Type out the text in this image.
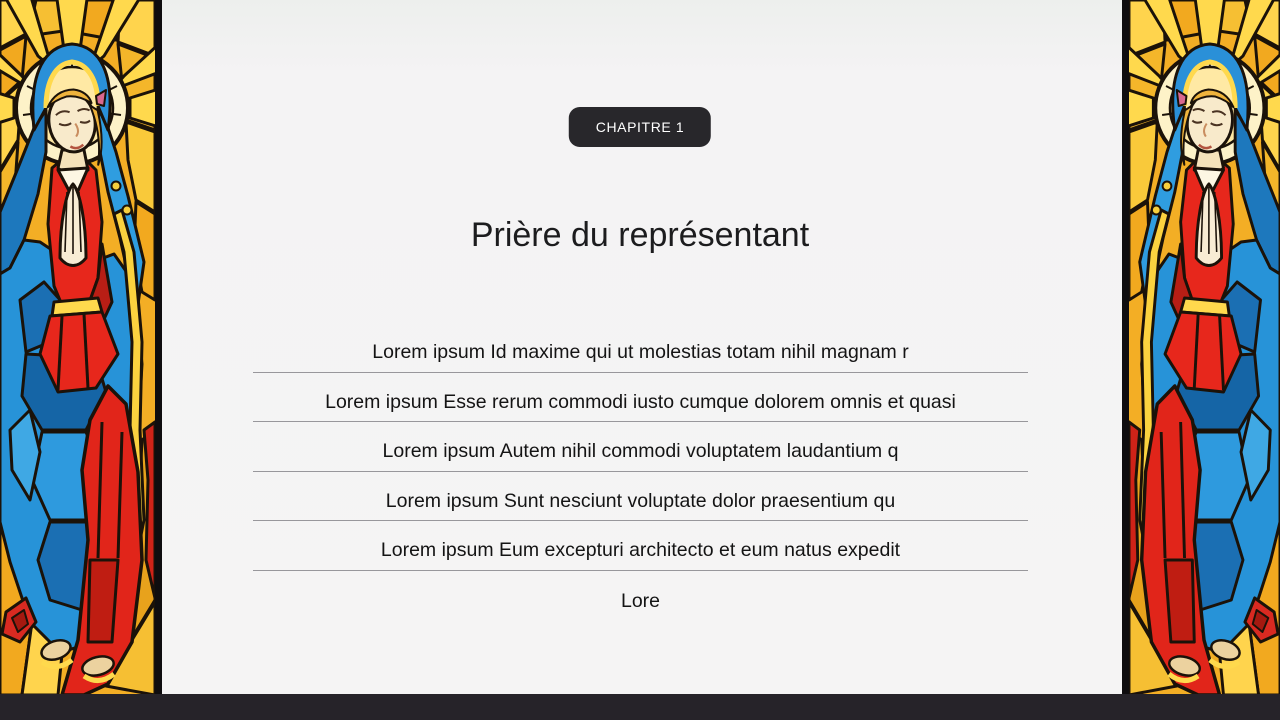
CHAPITRE 1
Prière du représentant
Lorem ipsum Id maxime qui ut molestias totam nihil magnam r
Lorem ipsum Esse rerum commodi iusto cumque dolorem omnis et quasi
Lorem ipsum Autem nihil commodi voluptatem laudantium q
Lorem ipsum Sunt nesciunt voluptate dolor praesentium qu
Lorem ipsum Eum excepturi architecto et eum natus expedit
Lore
